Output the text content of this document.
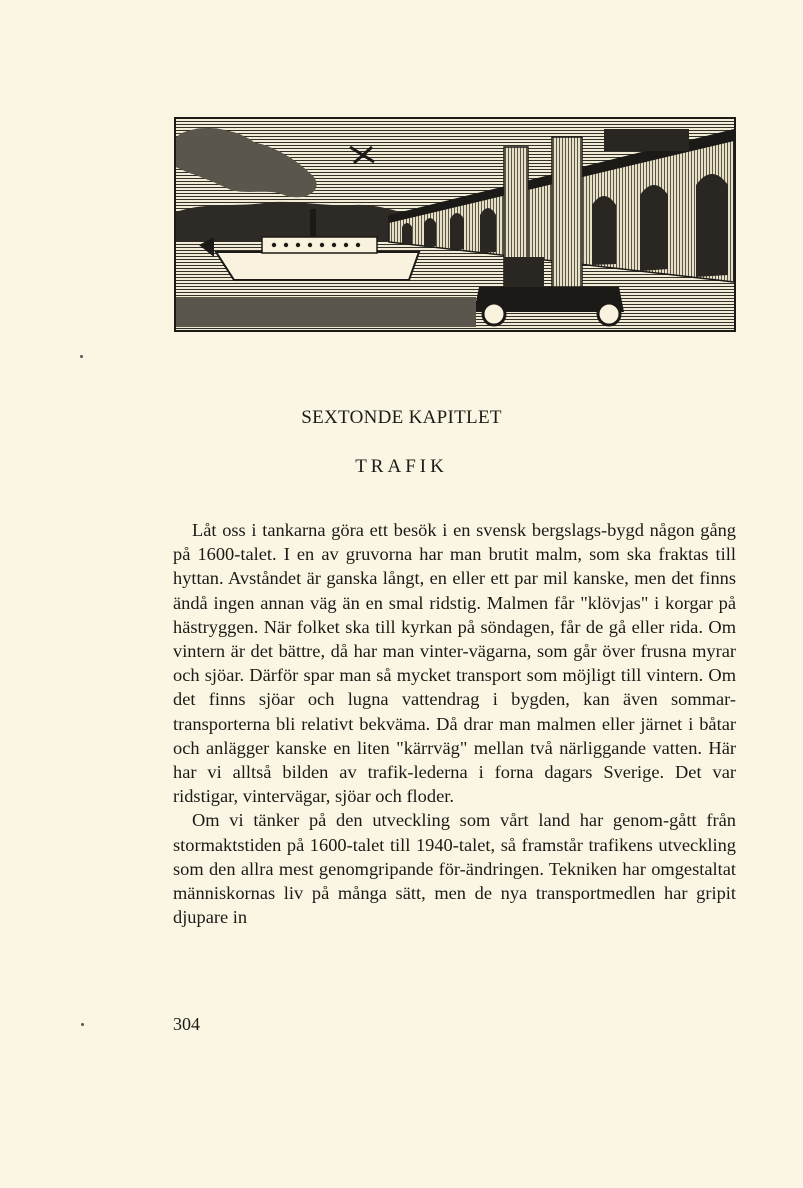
SEXTONDE KAPITLET
TRAFIK

Låt oss i tankarna göra ett besök i en svensk bergslags-bygd någon gång på 1600-talet. I en av gruvorna har man brutit malm, som ska fraktas till hyttan. Avståndet är ganska långt, en eller ett par mil kanske, men det finns ändå ingen annan väg än en smal ridstig. Malmen får "klövjas" i korgar på hästryggen. När folket ska till kyrkan på söndagen, får de gå eller rida. Om vintern är det bättre, då har man vinter-vägarna, som går över frusna myrar och sjöar. Därför spar man så mycket transport som möjligt till vintern. Om det finns sjöar och lugna vattendrag i bygden, kan även sommar-transporterna bli relativt bekväma. Då drar man malmen eller järnet i båtar och anlägger kanske en liten "kärrväg" mellan två närliggande vatten. Här har vi alltså bilden av trafik-lederna i forna dagars Sverige. Det var ridstigar, vintervägar, sjöar och floder.

Om vi tänker på den utveckling som vårt land har genom-gått från stormaktstiden på 1600-talet till 1940-talet, så framstår trafikens utveckling som den allra mest genomgripande för-ändringen. Tekniken har omgestaltat människornas liv på många sätt, men de nya transportmedlen har gripit djupare in

304
